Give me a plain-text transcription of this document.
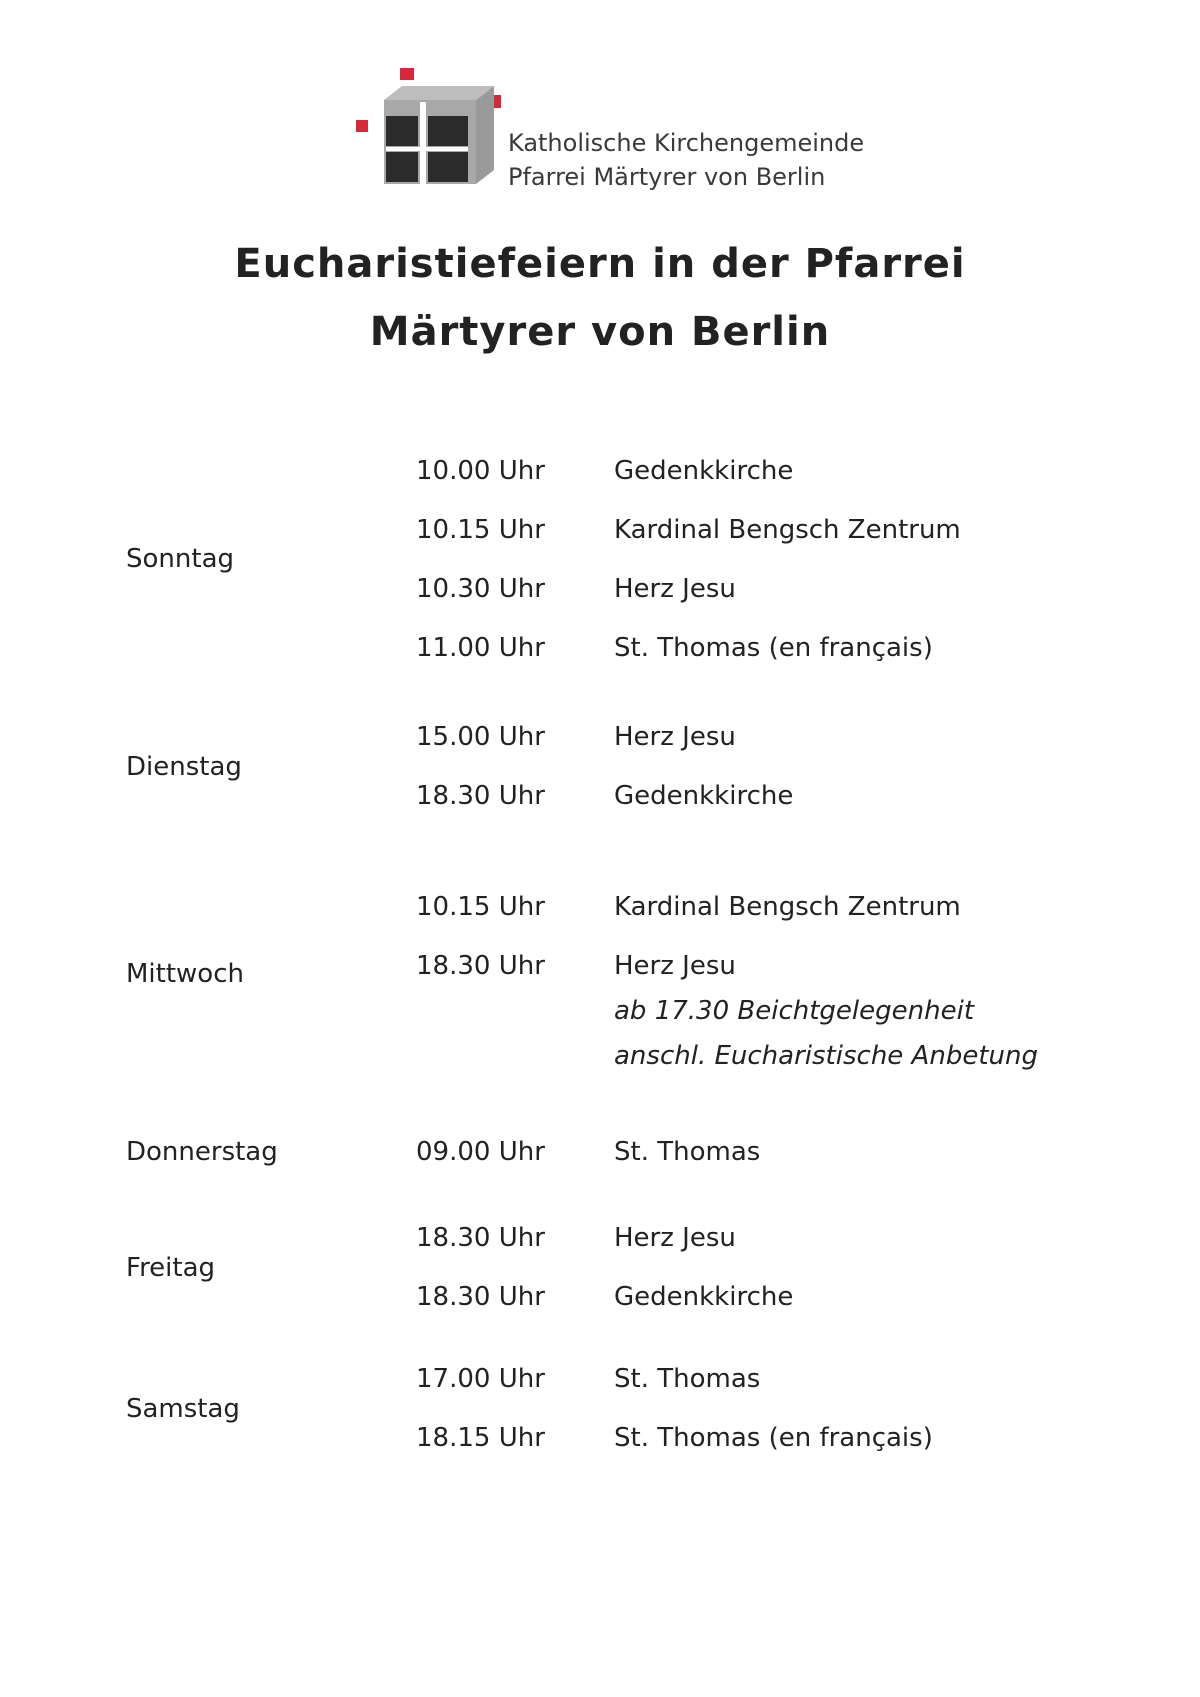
Katholische Kirchengemeinde
Pfarrei Märtyrer von Berlin
Eucharistiefeiern in der Pfarrei
Märtyrer von Berlin
Sonntag
10.00 Uhr	Gedenkkirche
10.15 Uhr	Kardinal Bengsch Zentrum
10.30 Uhr	Herz Jesu
11.00 Uhr	St. Thomas (en français)
Dienstag
15.00 Uhr	Herz Jesu
18.30 Uhr	Gedenkkirche
Mittwoch
10.15 Uhr	Kardinal Bengsch Zentrum
18.30 Uhr	Herz Jesu
ab 17.30 Beichtgelegenheit
anschl. Eucharistische Anbetung
Donnerstag	09.00 Uhr	St. Thomas
Freitag
18.30 Uhr	Herz Jesu
18.30 Uhr	Gedenkkirche
Samstag
17.00 Uhr	St. Thomas
18.15 Uhr	St. Thomas (en français)
